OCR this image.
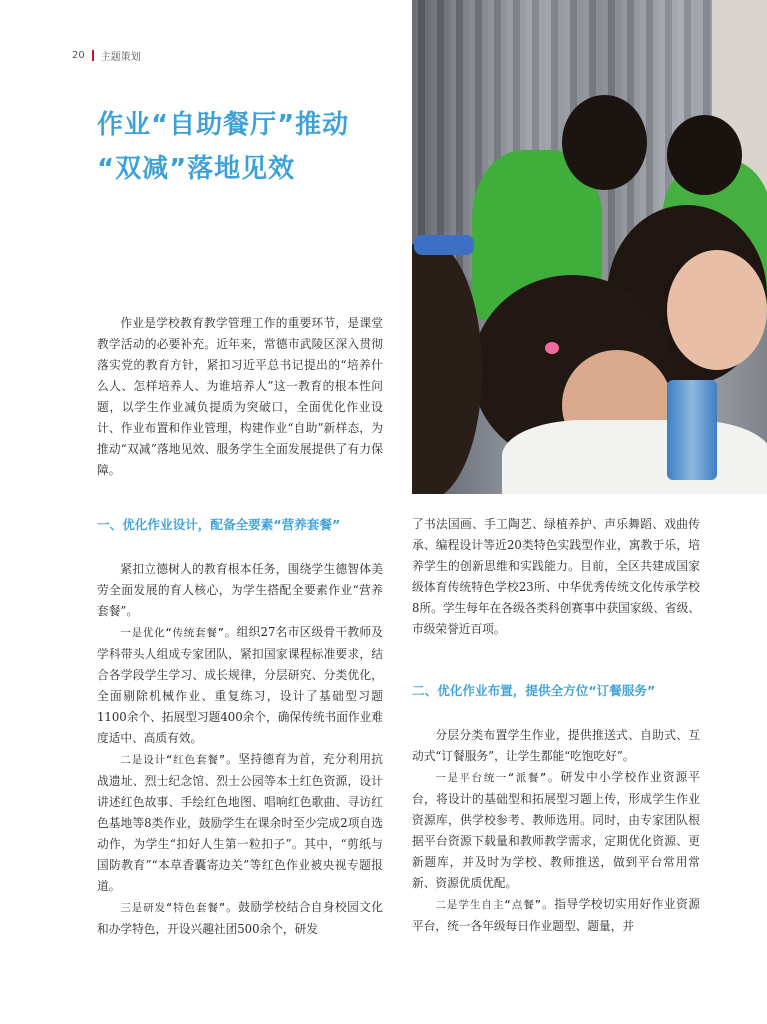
20 主题策划
作业“自助餐厅”推动
“双减”落地见效

作业是学校教育教学管理工作的重要环节，是课堂教学活动的必要补充。近年来，常德市武陵区深入贯彻落实党的教育方针，紧扣习近平总书记提出的“培养什么人、怎样培养人、为谁培养人”这一教育的根本性问题，以学生作业减负提质为突破口，全面优化作业设计、作业布置和作业管理，构建作业“自助”新样态，为推动“双减”落地见效、服务学生全面发展提供了有力保障。

一、优化作业设计，配备全要素“营养套餐”

紧扣立德树人的教育根本任务，围绕学生德智体美劳全面发展的育人核心，为学生搭配全要素作业“营养套餐”。

一是优化“传统套餐”。组织27名市区级骨干教师及学科带头人组成专家团队，紧扣国家课程标准要求，结合各学段学生学习、成长规律，分层研究、分类优化，全面剔除机械作业、重复练习，设计了基础型习题1100余个、拓展型习题400余个，确保传统书面作业难度适中、高质有效。

二是设计“红色套餐”。坚持德育为首，充分利用抗战遗址、烈士纪念馆、烈士公园等本土红色资源，设计讲述红色故事、手绘红色地图、唱响红色歌曲、寻访红色基地等8类作业，鼓励学生在课余时至少完成2项自选动作，为学生“扣好人生第一粒扣子”。其中，“剪纸与国防教育”“本草香囊寄边关”等红色作业被央视专题报道。

三是研发“特色套餐”。鼓励学校结合自身校园文化和办学特色，开设兴趣社团500余个，研发

了书法国画、手工陶艺、绿植养护、声乐舞蹈、戏曲传承、编程设计等近20类特色实践型作业，寓教于乐，培养学生的创新思维和实践能力。目前，全区共建成国家级体育传统特色学校23所、中华优秀传统文化传承学校8所。学生每年在各级各类科创赛事中获国家级、省级、市级荣誉近百项。

二、优化作业布置，提供全方位“订餐服务”

分层分类布置学生作业，提供推送式、自助式、互动式“订餐服务”，让学生都能“吃饱吃好”。

一是平台统一“派餐”。研发中小学校作业资源平台，将设计的基础型和拓展型习题上传，形成学生作业资源库，供学校参考、教师选用。同时，由专家团队根据平台资源下载量和教师教学需求，定期优化资源、更新题库，并及时为学校、教师推送，做到平台常用常新、资源优质优配。

二是学生自主“点餐”。指导学校切实用好作业资源平台，统一各年级每日作业题型、题量，并
